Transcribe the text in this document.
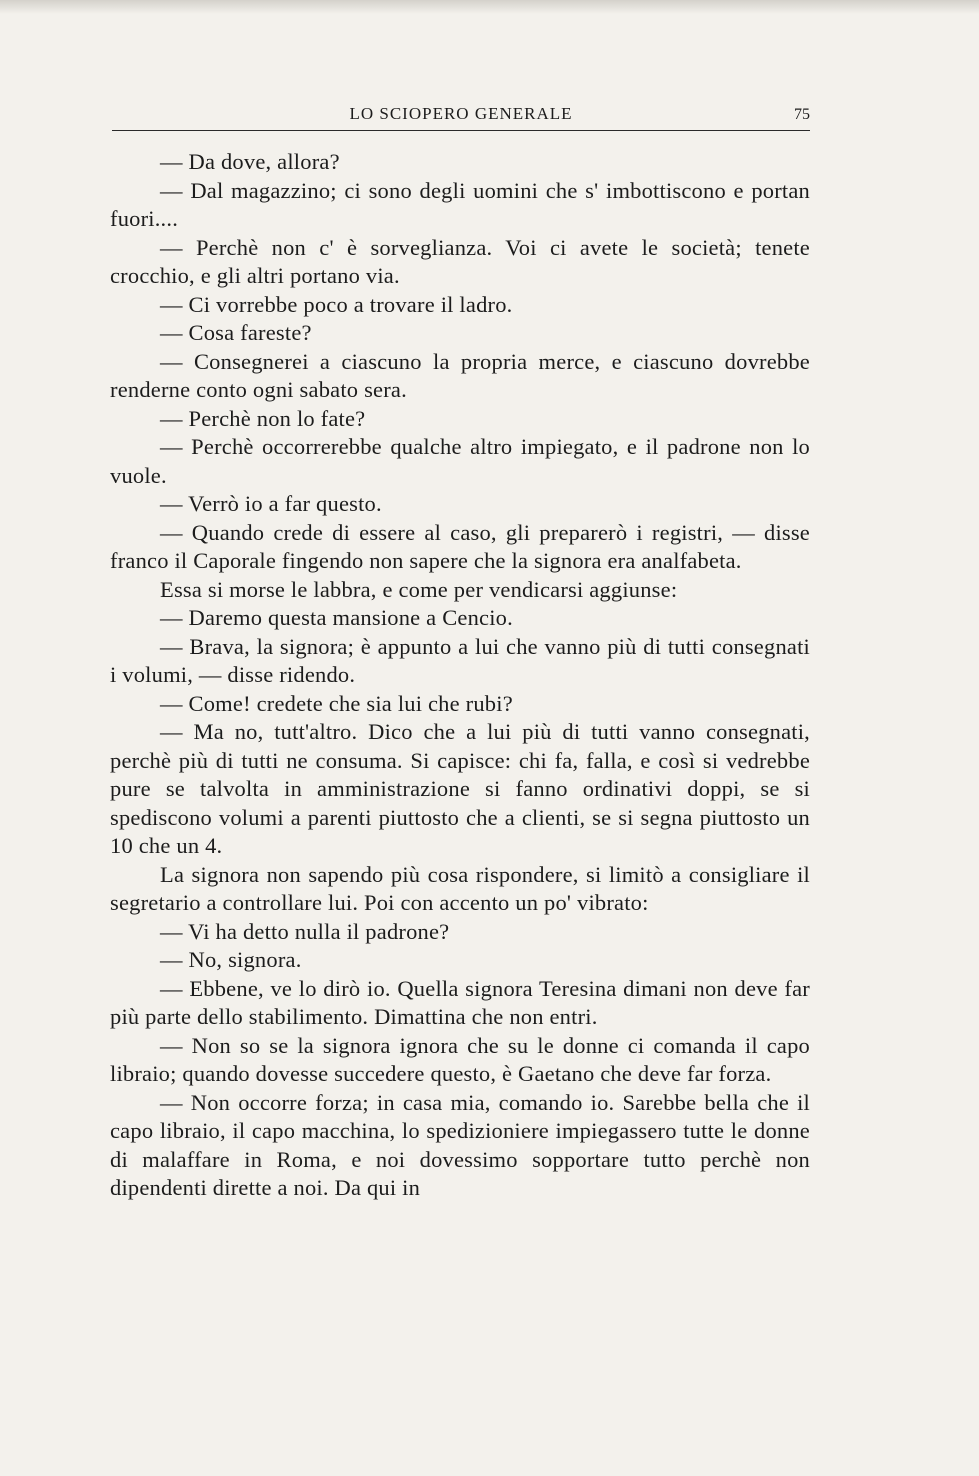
LO SCIOPERO GENERALE	75

— Da dove, allora?

— Dal magazzino; ci sono degli uomini che s' imbottiscono e portan fuori....

— Perchè non c' è sorveglianza. Voi ci avete le società; tenete crocchio, e gli altri portano via.

— Ci vorrebbe poco a trovare il ladro.

— Cosa fareste?

— Consegnerei a ciascuno la propria merce, e ciascuno dovrebbe renderne conto ogni sabato sera.

— Perchè non lo fate?

— Perchè occorrerebbe qualche altro impiegato, e il padrone non lo vuole.

— Verrò io a far questo.

— Quando crede di essere al caso, gli preparerò i registri, — disse franco il Caporale fingendo non sapere che la signora era analfabeta.

Essa si morse le labbra, e come per vendicarsi aggiunse:

— Daremo questa mansione a Cencio.

— Brava, la signora; è appunto a lui che vanno più di tutti consegnati i volumi, — disse ridendo.

— Come! credete che sia lui che rubi?

— Ma no, tutt'altro. Dico che a lui più di tutti vanno consegnati, perchè più di tutti ne consuma. Si capisce: chi fa, falla, e così si vedrebbe pure se talvolta in amministrazione si fanno ordinativi doppi, se si spediscono volumi a parenti piuttosto che a clienti, se si segna piuttosto un 10 che un 4.

La signora non sapendo più cosa rispondere, si limitò a consigliare il segretario a controllare lui. Poi con accento un po' vibrato:

— Vi ha detto nulla il padrone?

— No, signora.

— Ebbene, ve lo dirò io. Quella signora Teresina dimani non deve far più parte dello stabilimento. Dimattina che non entri.

— Non so se la signora ignora che su le donne ci comanda il capo libraio; quando dovesse succedere questo, è Gaetano che deve far forza.

— Non occorre forza; in casa mia, comando io. Sarebbe bella che il capo libraio, il capo macchina, lo spedizioniere impiegassero tutte le donne di malaffare in Roma, e noi dovessimo sopportare tutto perchè non dipendenti dirette a noi. Da qui in
